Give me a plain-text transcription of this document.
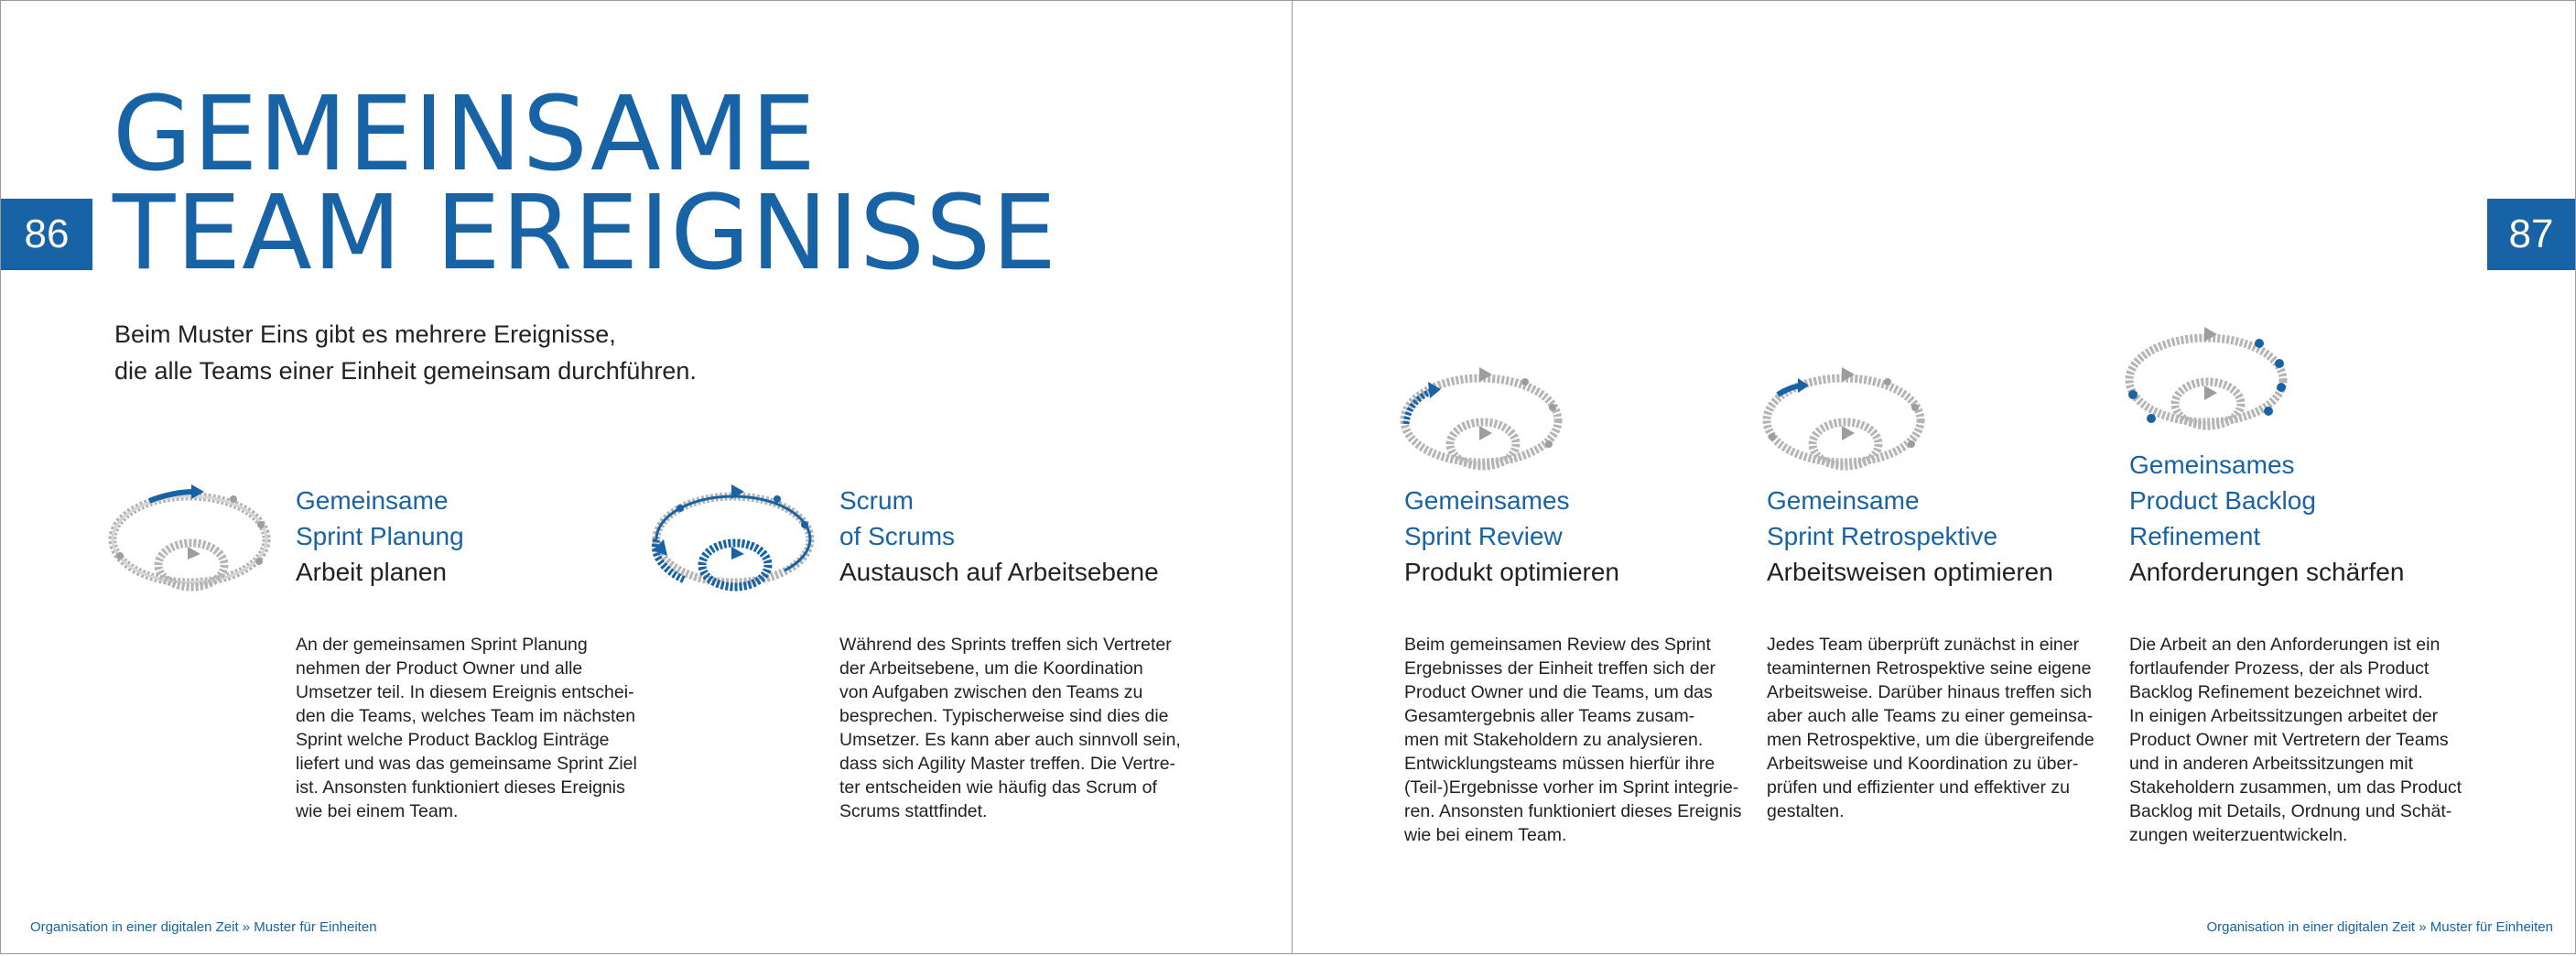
86
GEMEINSAME
TEAM EREIGNISSE

Beim Muster Eins gibt es mehrere Ereignisse,
die alle Teams einer Einheit gemeinsam durchführen.

Gemeinsame
Sprint Planung
Arbeit planen
An der gemeinsamen Sprint Planung
nehmen der Product Owner und alle
Umsetzer teil. In diesem Ereignis entschei-
den die Teams, welches Team im nächsten
Sprint welche Product Backlog Einträge
liefert und was das gemeinsame Sprint Ziel
ist. Ansonsten funktioniert dieses Ereignis
wie bei einem Team.
Scrum
of Scrums
Austausch auf Arbeitsebene
Während des Sprints treffen sich Vertreter
der Arbeitsebene, um die Koordination
von Aufgaben zwischen den Teams zu
besprechen. Typischerweise sind dies die
Umsetzer. Es kann aber auch sinnvoll sein,
dass sich Agility Master treffen. Die Vertre-
ter entscheiden wie häufig das Scrum of
Scrums stattfindet.
Organisation in einer digitalen Zeit » Muster für Einheiten
87
Gemeinsames
Sprint Review
Produkt optimieren
Beim gemeinsamen Review des Sprint
Ergebnisses der Einheit treffen sich der
Product Owner und die Teams, um das
Gesamtergebnis aller Teams zusam-
men mit Stakeholdern zu analysieren.
Entwicklungsteams müssen hierfür ihre
(Teil-)Ergebnisse vorher im Sprint integrie-
ren. Ansonsten funktioniert dieses Ereignis
wie bei einem Team.
Gemeinsame
Sprint Retrospektive
Arbeitsweisen optimieren
Jedes Team überprüft zunächst in einer
teaminternen Retrospektive seine eigene
Arbeitsweise. Darüber hinaus treffen sich
aber auch alle Teams zu einer gemeinsa-
men Retrospektive, um die übergreifende
Arbeitsweise und Koordination zu über-
prüfen und effizienter und effektiver zu
gestalten.
Gemeinsames
Product Backlog
Refinement
Anforderungen schärfen
Die Arbeit an den Anforderungen ist ein
fortlaufender Prozess, der als Product
Backlog Refinement bezeichnet wird.
In einigen Arbeitssitzungen arbeitet der
Product Owner mit Vertretern der Teams
und in anderen Arbeitssitzungen mit
Stakeholdern zusammen, um das Product
Backlog mit Details, Ordnung und Schät-
zungen weiterzuentwickeln.
Organisation in einer digitalen Zeit » Muster für Einheiten
